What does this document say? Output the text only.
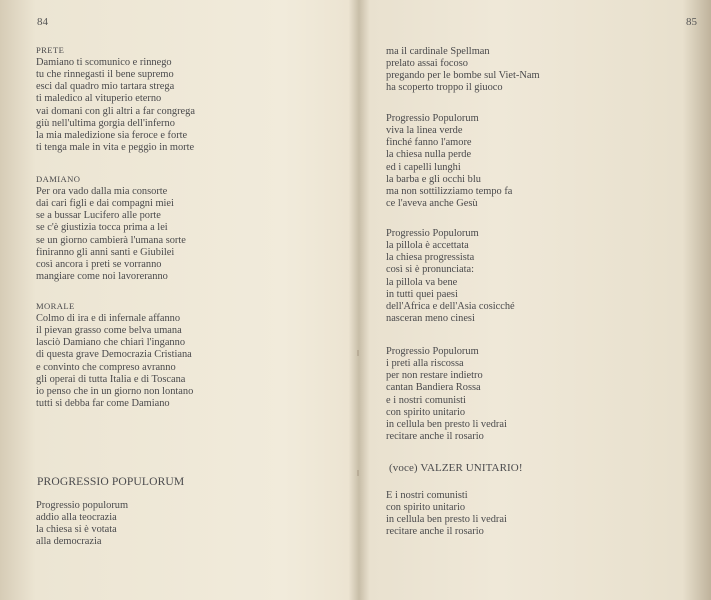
84
PRETE
Damiano ti scomunico e rinnego
tu che rinnegasti il bene supremo
esci dal quadro mio tartara strega
ti maledico al vituperio eterno
vai domani con gli altri a far congrega
giù nell'ultima gorgia dell'inferno
la mia maledizione sia feroce e forte
ti tenga male in vita e peggio in morte
DAMIANO
Per ora vado dalla mia consorte
dai cari figli e dai compagni miei
se a bussar Lucifero alle porte
se c'è giustizia tocca prima a lei
se un giorno cambierà l'umana sorte
finiranno gli anni santi e Giubilei
così ancora i preti se vorranno
mangiare come noi lavoreranno
MORALE
Colmo di ira e di infernale affanno
il pievan grasso come belva umana
lasciò Damiano che chiarì l'inganno
di questa grave Democrazia Cristiana
e convinto che compreso avranno
gli operai di tutta Italia e di Toscana
io penso che in un giorno non lontano
tutti si debba far come Damiano
PROGRESSIO POPULORUM
Progressio populorum
addio alla teocrazia
la chiesa si è votata
alla democrazia
85
ma il cardinale Spellman
prelato assai focoso
pregando per le bombe sul Viet-Nam
ha scoperto troppo il giuoco
Progressio Populorum
viva la linea verde
finché fanno l'amore
la chiesa nulla perde
ed i capelli lunghi
la barba e gli occhi blu
ma non sottilizziamo tempo fa
ce l'aveva anche Gesù
Progressio Populorum
la pillola è accettata
la chiesa progressista
così si è pronunciata:
la pillola va bene
in tutti quei paesi
dell'Africa e dell'Asia cosicché
nasceran meno cinesi
Progressio Populorum
i preti alla riscossa
per non restare indietro
cantan Bandiera Rossa
e i nostri comunisti
con spirito unitario
in cellula ben presto li vedrai
recitare anche il rosario
(voce) VALZER UNITARIO!
E i nostri comunisti
con spirito unitario
in cellula ben presto li vedrai
recitare anche il rosario
